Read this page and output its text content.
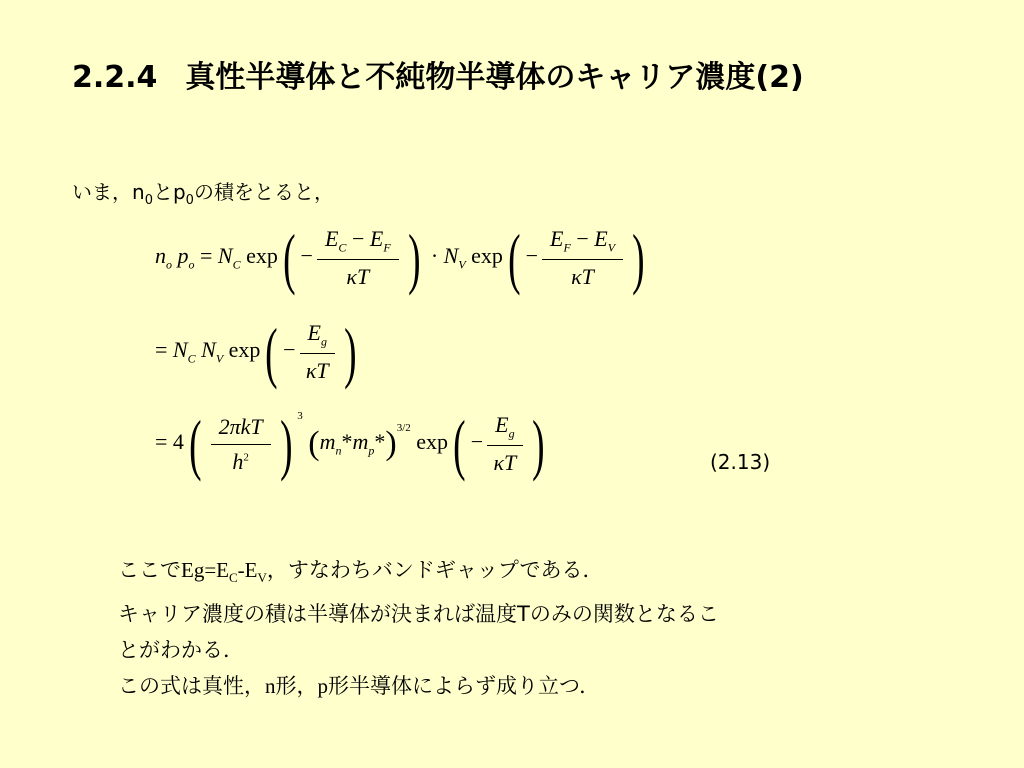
2.2.4 真性半導体と不純物半導体のキャリア濃度(2)
いま，$n_0$と$p_0$の積をとると，
$n_o$ $p_o = N_C$ $\exp( - \frac{E_C - E_F}{\kappa T}$ ) · $N_V$ $\exp( - \frac{E_F - E_V}{\kappa T}$ )
= $N_C$ $N_V$ $\exp( - \frac{E_g}{\kappa T}$ )
= $4( \frac{\text{2πkT}}{h^2}$ ) $^3$ $(m_n*m_p*)^{3/2}$ $\exp( - \frac{E_g}{\kappa T}$ )	(2.13)

ここで$Eg=E_C-E_V$，すなわちバンドギャップである．

キャリア濃度の積は半導体が決まれば温度Tのみの関数となるこ

とがわかる．

この式は真性，n形，p形半導体によらず成り立つ．
